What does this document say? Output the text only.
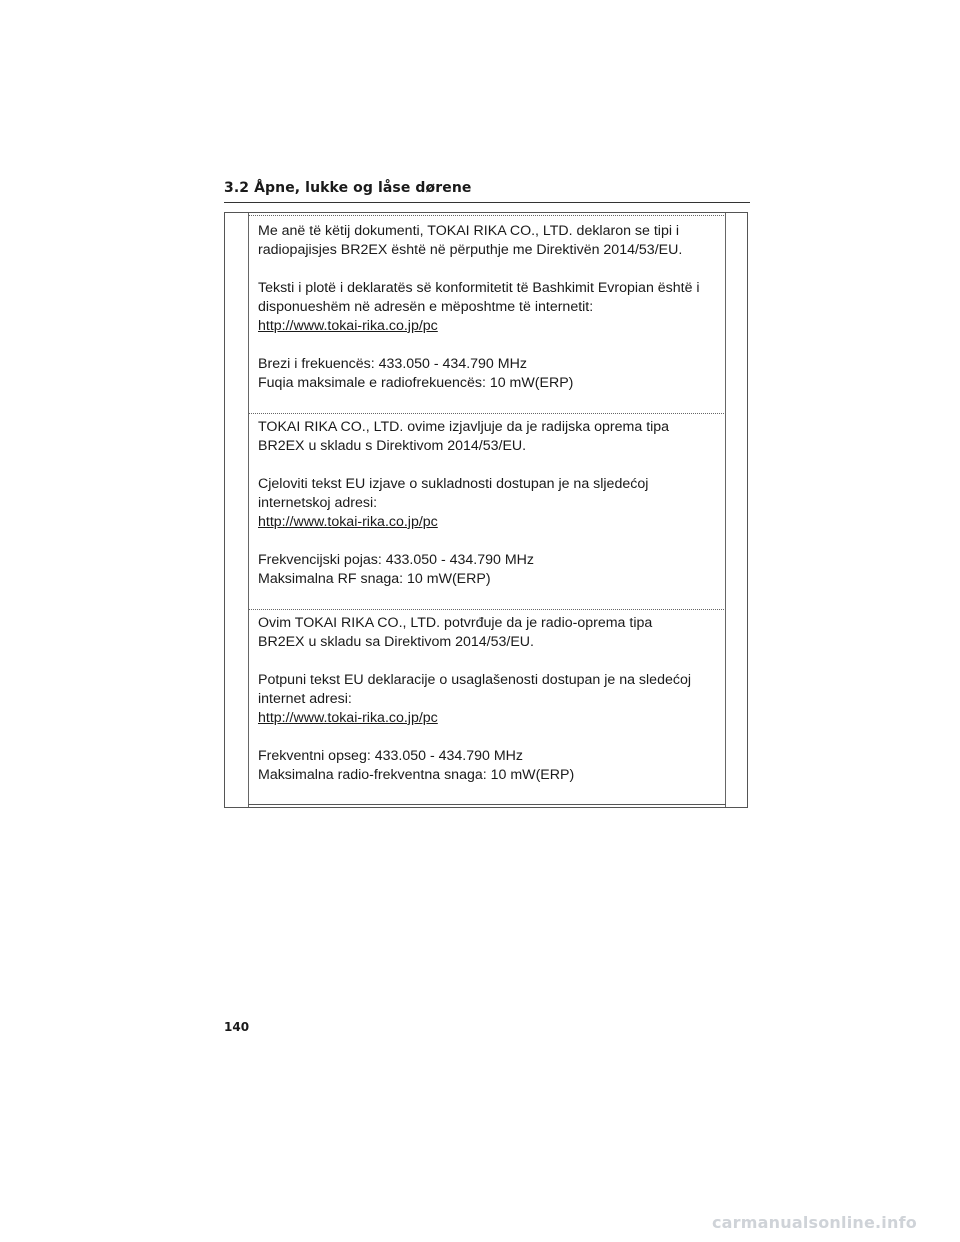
3.2 Åpne, lukke og låse dørene

Me anë të këtij dokumenti, TOKAI RIKA CO., LTD. deklaron se tipi i

radiopajisjes BR2EX është në përputhje me Direktivën 2014/53/EU.

Teksti i plotë i deklaratës së konformitetit të Bashkimit Evropian është i

disponueshëm në adresën e mëposhtme të internetit:

http://www.tokai-rika.co.jp/pc

Brezi i frekuencës: 433.050 - 434.790 MHz

Fuqia maksimale e radiofrekuencës: 10 mW(ERP)

TOKAI RIKA CO., LTD. ovime izjavljuje da je radijska oprema tipa

BR2EX u skladu s Direktivom 2014/53/EU.

Cjeloviti tekst EU izjave o sukladnosti dostupan je na sljedećoj

internetskoj adresi:

http://www.tokai-rika.co.jp/pc

Frekvencijski pojas: 433.050 - 434.790 MHz

Maksimalna RF snaga: 10 mW(ERP)

Ovim TOKAI RIKA CO., LTD. potvrđuje da je radio-oprema tipa

BR2EX u skladu sa Direktivom 2014/53/EU.

Potpuni tekst EU deklaracije o usaglašenosti dostupan je na sledećoj

internet adresi:

http://www.tokai-rika.co.jp/pc

Frekventni opseg: 433.050 - 434.790 MHz

Maksimalna radio-frekventna snaga: 10 mW(ERP)

140
carmanualsonline.info
